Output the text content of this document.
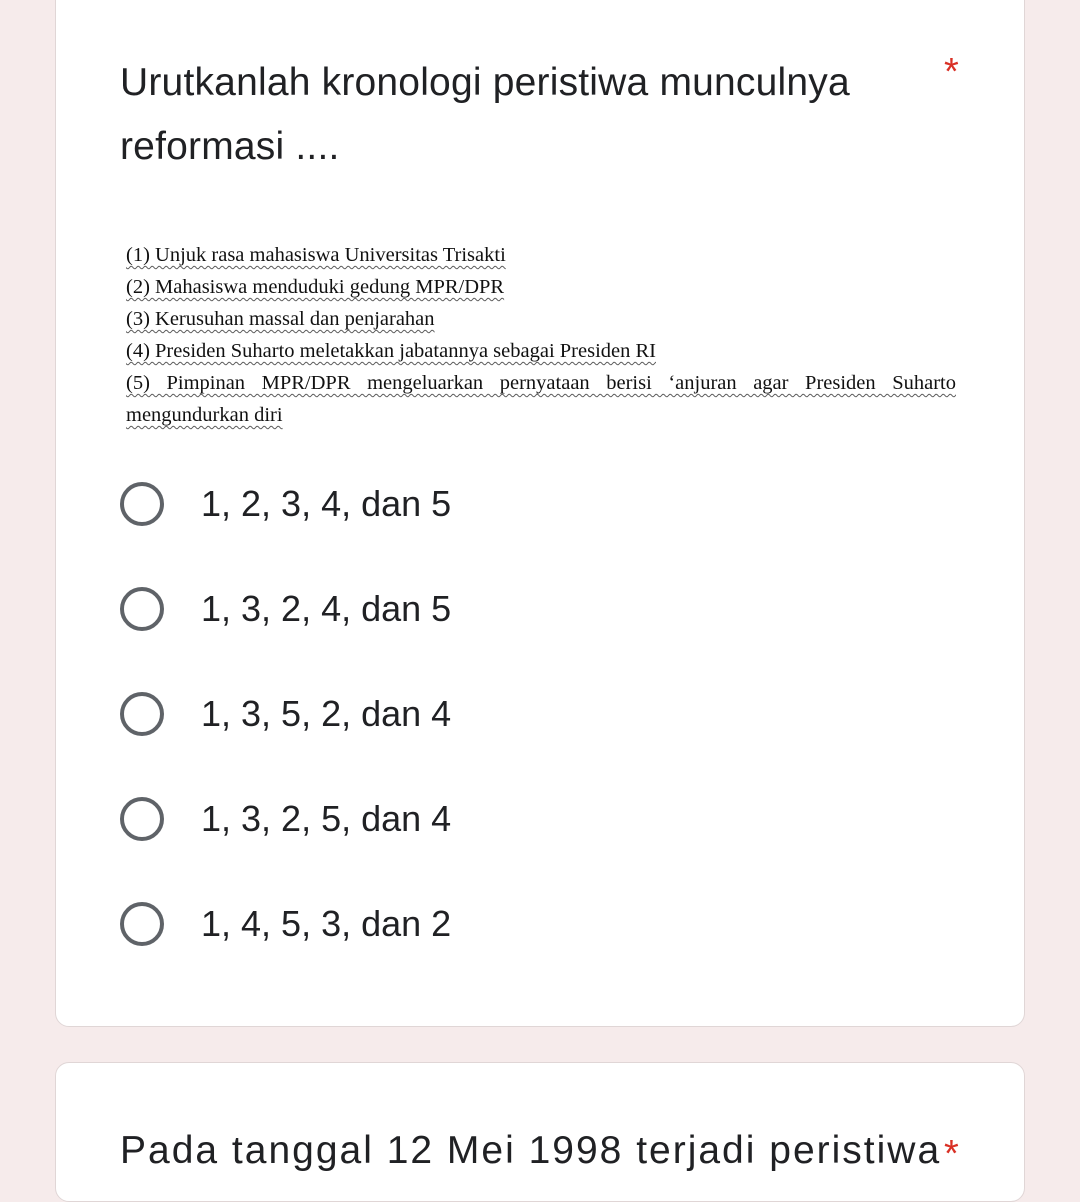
Urutkanlah kronologi peristiwa munculnya reformasi ....
*
(1) Unjuk rasa mahasiswa Universitas Trisakti
(2) Mahasiswa menduduki gedung MPR/DPR
(3) Kerusuhan massal dan penjarahan
(4) Presiden Suharto meletakkan jabatannya sebagai Presiden RI
(5) Pimpinan MPR/DPR mengeluarkan pernyataan berisi ‘anjuran agar Presiden Suharto mengundurkan diri
1, 2, 3, 4, dan 5
1, 3, 2, 4, dan 5
1, 3, 5, 2, dan 4
1, 3, 2, 5, dan 4
1, 4, 5, 3, dan 2
Pada tanggal 12 Mei 1998 terjadi peristiwa *
